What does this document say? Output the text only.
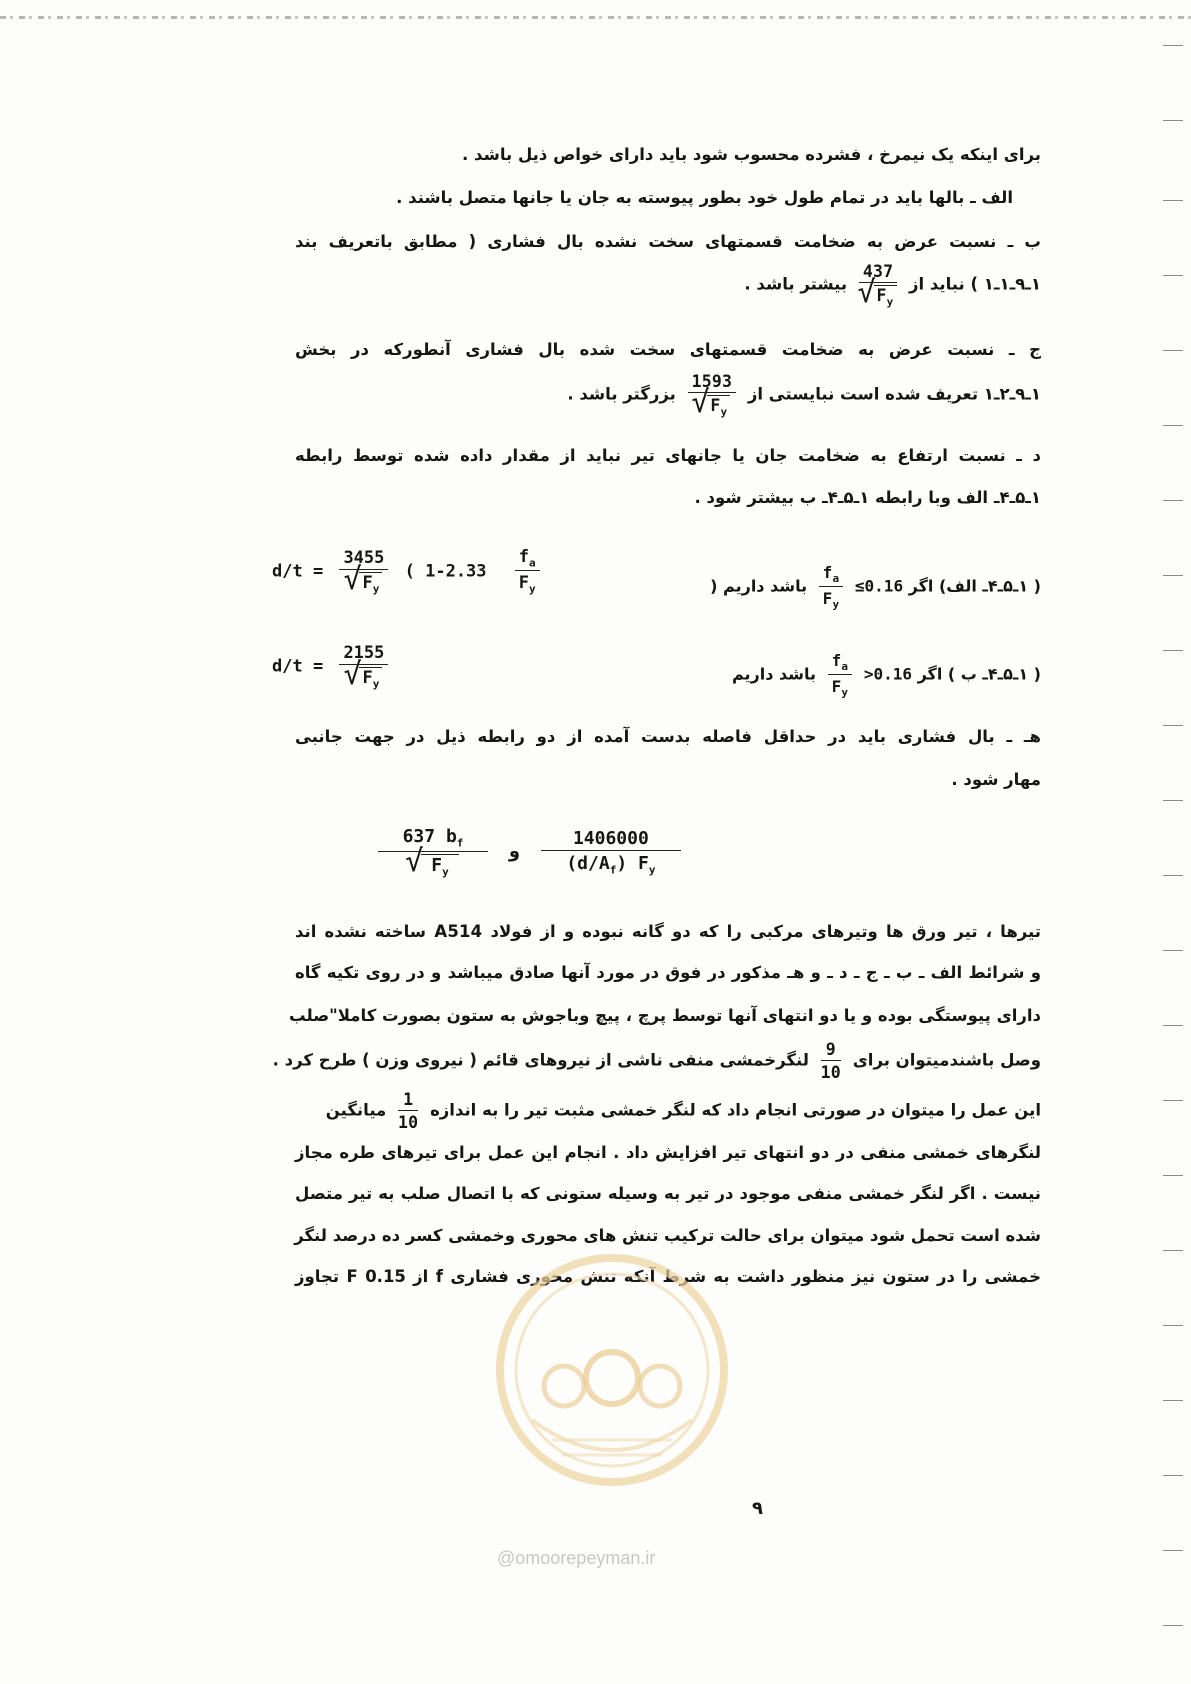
برای اینکه یک نیمرخ ، فشرده محسوب شود باید دارای خواص ذیل باشد .
الف ـ بالها باید در تمام طول خود بطور پیوسته به جان یا جانها متصل باشند .
ب ـ نسبت عرض به ضخامت قسمتهای سخت نشده بال فشاری ( مطابق باتعریف بند
۱ـ۹ـ۱ـ۱ ) نباید از
437
√ $F_y$
بیشتر باشد .
ج ـ نسبت عرض به ضخامت قسمتهای سخت شده بال فشاری آنطورکه در بخش
۱ـ۹ـ۲ـ۱ تعریف شده است نبایستی از
1593
√ $F_y$
بزرگتر باشد .
د ـ نسبت ارتفاع به ضخامت جان یا جانهای تیر نباید از مقدار داده شده توسط رابطه
۱ـ۵ـ۴ـ الف وبا رابطه ۱ـ۵ـ۴ـ ب بیشتر شود .
d/t = 3455
√ $F_y$ ( $1-2.33 \frac{f_a}{F_y}$	( ۱ـ۵ـ۴ـ الف) اگر ≤0.16
$\frac{f_a}{F_y}$
باشد داریم (
d/t = 2155
√ $F_y$	( ۱ـ۵ـ۴ـ ب ) اگر >0.16
$\frac{f_a}{F_y}$
باشد داریم
هـ ـ بال فشاری باید در حداقل فاصله بدست آمده از دو رابطه ذیل در جهت جانبی
مهار شود .
637 $b_f$
√ $F_y$ و $\frac{1406000}{(d/A_f) F_y}$
تیرها ، تیر ورق ها وتیرهای مرکبی را که دو گانه نبوده و از فولاد A514 ساخته نشده اند
و شرائط الف ـ ب ـ ج ـ د ـ و هـ مذکور در فوق در مورد آنها صادق میباشد و در روی تکیه گاه
دارای پیوستگی بوده و یا دو انتهای آنها توسط پرچ ، پیچ وباجوش به ستون بصورت کاملا"صلب
وصل باشندمیتوان برای
$\frac{9}{10}$
لنگرخمشی منفی ناشی از نیروهای قائم ( نیروی وزن ) طرح کرد .
این عمل را میتوان در صورتی انجام داد که لنگر خمشی مثبت تیر را به اندازه
$\frac{1}{10}$
میانگین
لنگرهای خمشی منفی در دو انتهای تیر افزایش داد . انجام این عمل برای تیرهای طره مجاز
نیست . اگر لنگر خمشی منفی موجود در تیر به وسیله ستونی که با اتصال صلب به تیر متصل
شده است تحمل شود میتوان برای حالت ترکیب تنش های محوری وخمشی کسر ده درصد لنگر
خمشی را در ستون نیز منظور داشت به شرط آنکه تنش محوری فشاری f از 0.15 F تجاوز
@omoorepeyman.ir
۹
